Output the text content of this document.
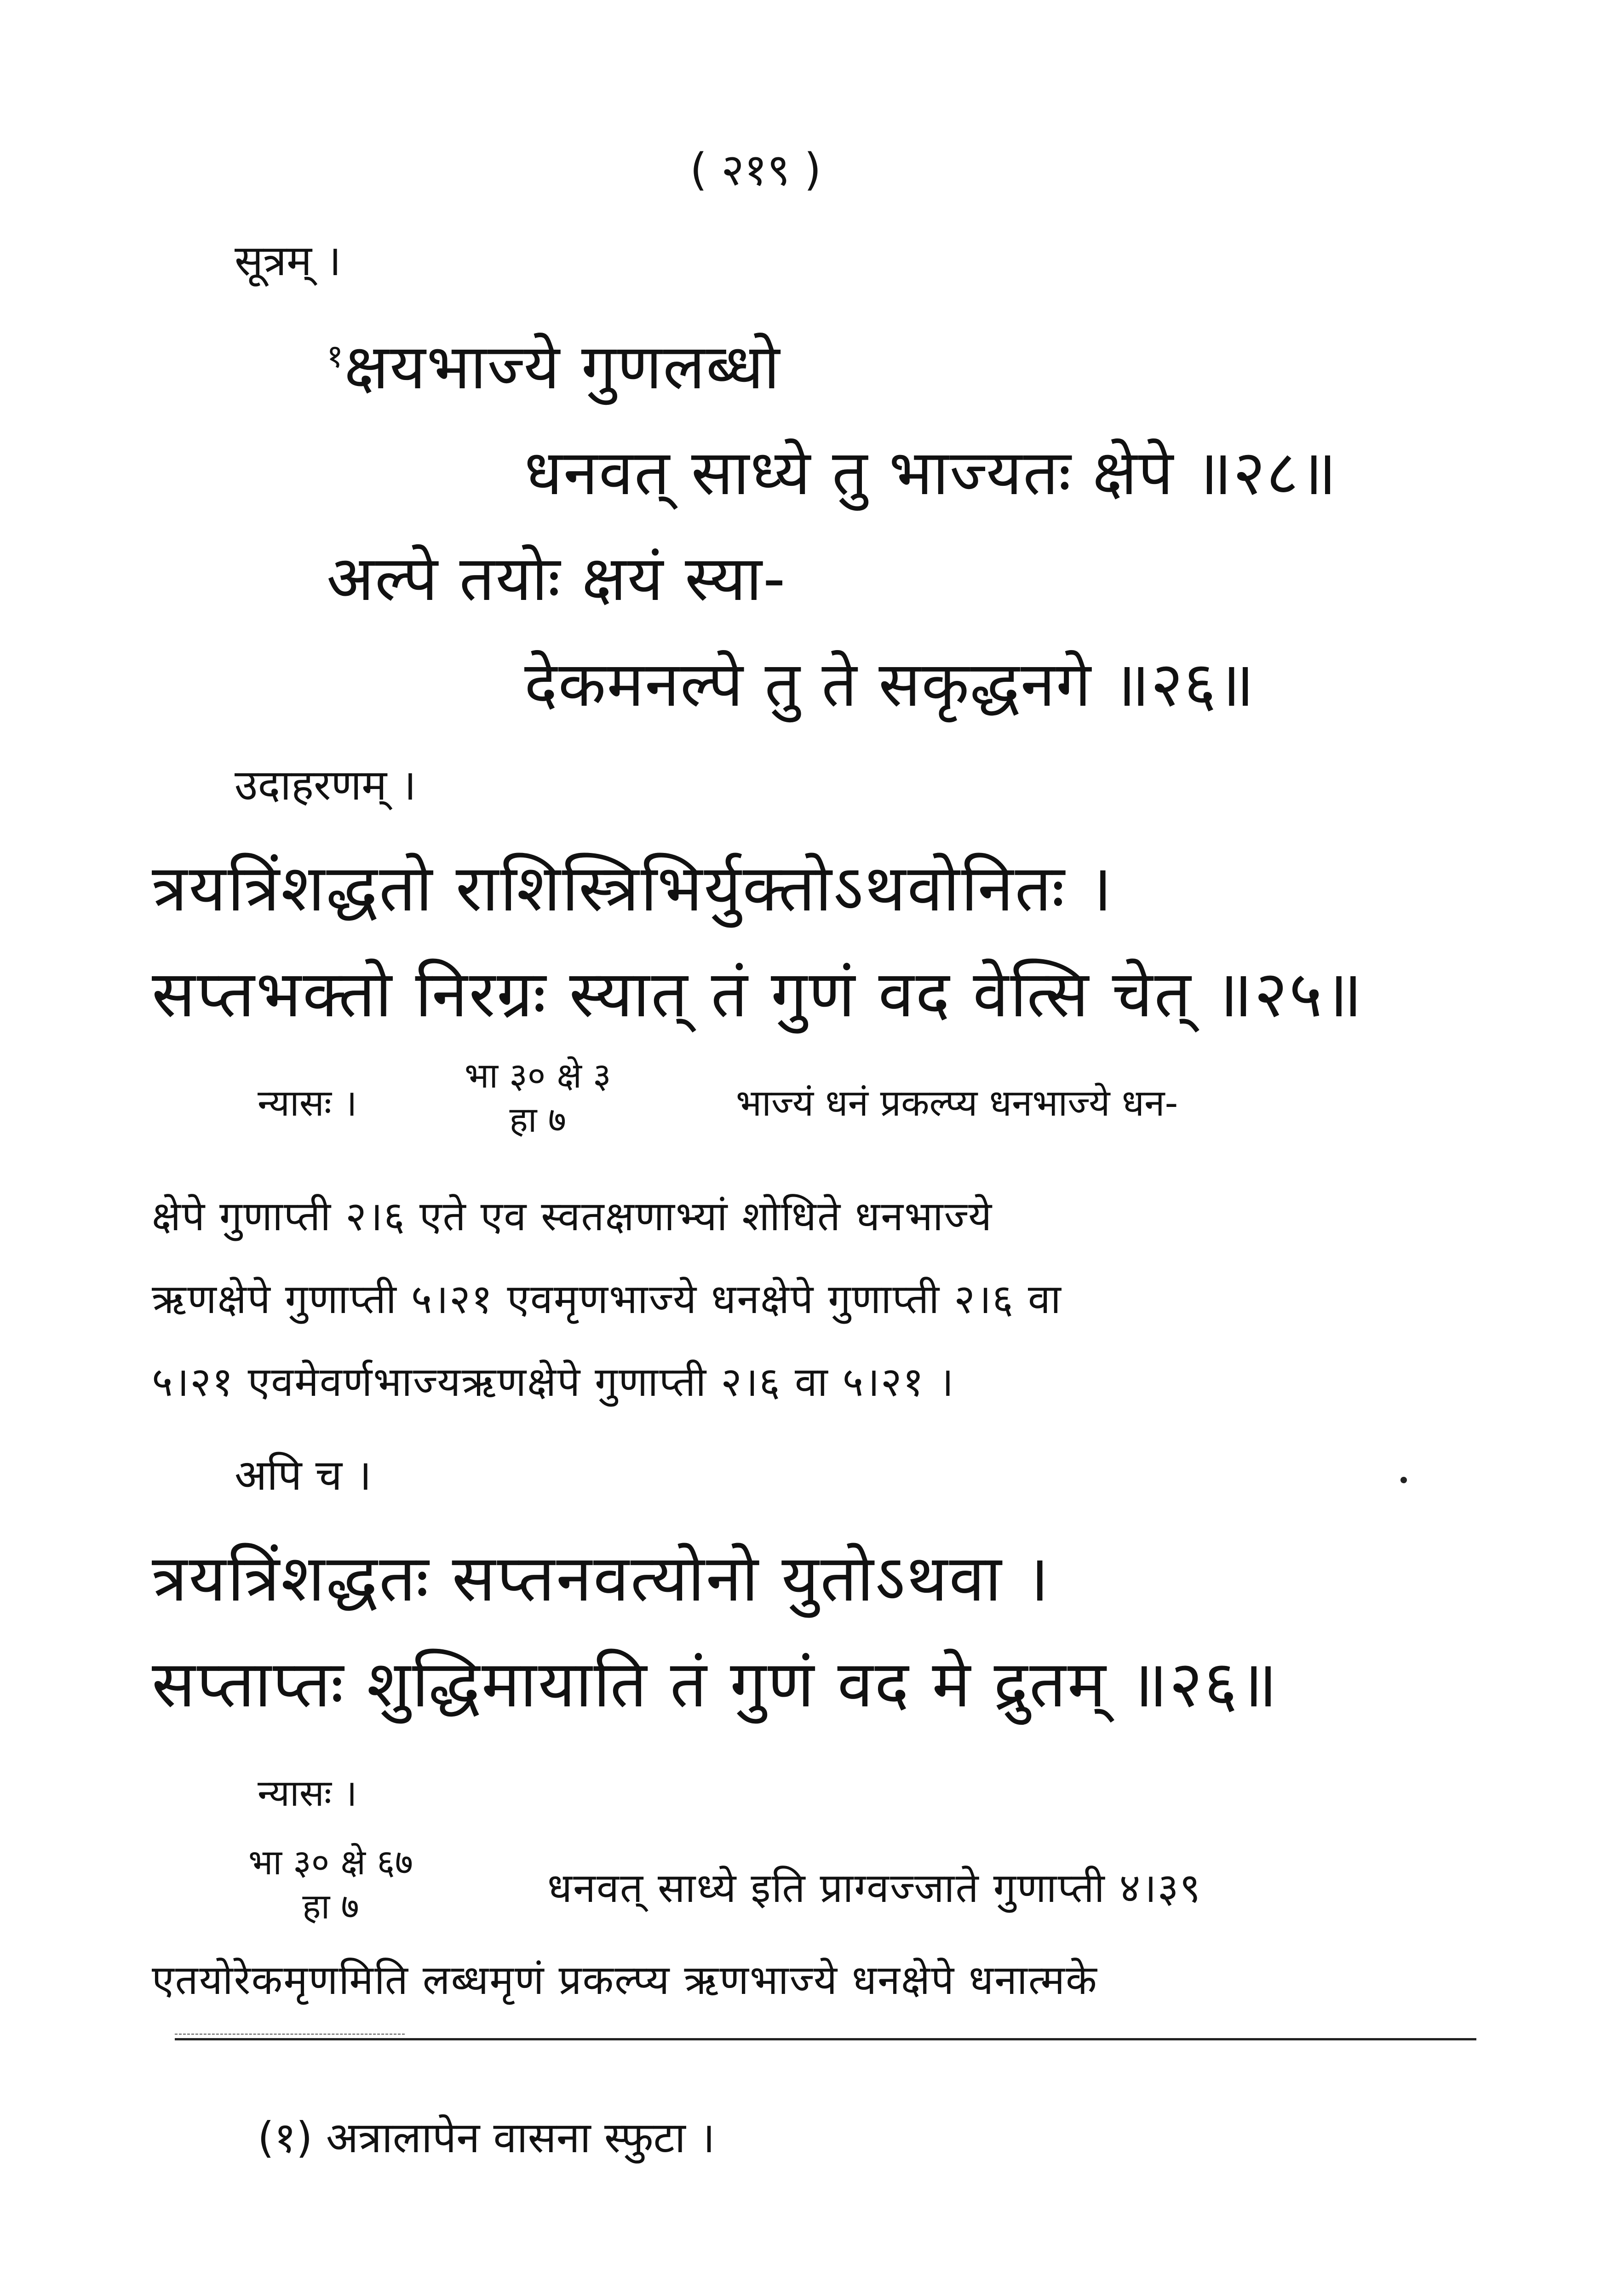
( २१९ )
सूत्रम् ।
$^१$क्षयभाज्ये गुणलब्धो
धनवत् साध्ये तु भाज्यतः क्षेपे ॥२८॥
अल्पे तयोः क्षयं स्या-
देकमनल्पे तु ते सकृद्धनगे ॥२६॥
उदाहरणम् ।
त्रयत्रिंशद्धतो राशिस्त्रिभिर्युक्तोऽथवोनितः ।
सप्तभक्तो निरग्रः स्यात् तं गुणं वद वेत्सि चेत् ॥२५॥
न्यासः ।
भा ३० क्षे ३
हा ७	भाज्यं धनं प्रकल्प्य धनभाज्ये धन-
क्षेपे गुणाप्ती २।६ एते एव स्वतक्षणाभ्यां शोधिते धनभाज्ये
ऋणक्षेपे गुणाप्ती ५।२१ एवमृणभाज्ये धनक्षेपे गुणाप्ती २।६ वा
५।२१ एवमेवर्णभाज्यऋणक्षेपे गुणाप्ती २।६ वा ५।२१ ।
अपि च ।
त्रयत्रिंशद्धतः सप्तनवत्योनो युतोऽथवा ।
सप्ताप्तः शुद्धिमायाति तं गुणं वद मे द्रुतम् ॥२६॥
न्यासः ।
भा ३० क्षे ६७
हा ७	धनवत् साध्ये इति प्राग्वज्जाते गुणाप्ती ४।३९
एतयोरेकमृणमिति लब्धमृणं प्रकल्प्य ऋणभाज्ये धनक्षेपे धनात्मके
(१) अत्रालापेन वासना स्फुटा ।
